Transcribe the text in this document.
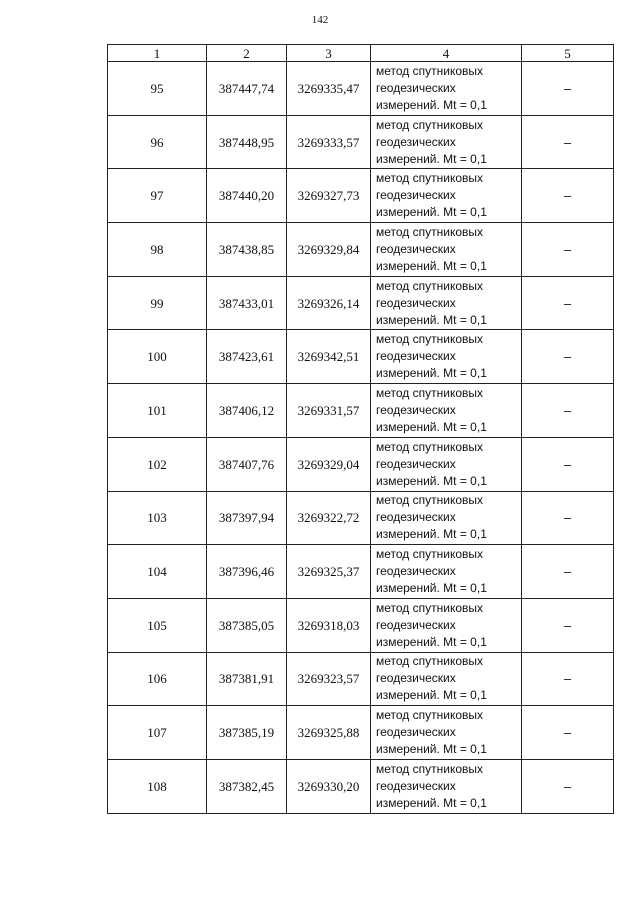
142
1	2	3	4	5
95	387447,74	3269335,47	метод спутниковых
геодезических
измерений. Mt = 0,1	–
96	387448,95	3269333,57	метод спутниковых
геодезических
измерений. Mt = 0,1	–
97	387440,20	3269327,73	метод спутниковых
геодезических
измерений. Mt = 0,1	–
98	387438,85	3269329,84	метод спутниковых
геодезических
измерений. Mt = 0,1	–
99	387433,01	3269326,14	метод спутниковых
геодезических
измерений. Mt = 0,1	–
100	387423,61	3269342,51	метод спутниковых
геодезических
измерений. Mt = 0,1	–
101	387406,12	3269331,57	метод спутниковых
геодезических
измерений. Mt = 0,1	–
102	387407,76	3269329,04	метод спутниковых
геодезических
измерений. Mt = 0,1	–
103	387397,94	3269322,72	метод спутниковых
геодезических
измерений. Mt = 0,1	–
104	387396,46	3269325,37	метод спутниковых
геодезических
измерений. Mt = 0,1	–
105	387385,05	3269318,03	метод спутниковых
геодезических
измерений. Mt = 0,1	–
106	387381,91	3269323,57	метод спутниковых
геодезических
измерений. Mt = 0,1	–
107	387385,19	3269325,88	метод спутниковых
геодезических
измерений. Mt = 0,1	–
108	387382,45	3269330,20	метод спутниковых
геодезических
измерений. Mt = 0,1	–
